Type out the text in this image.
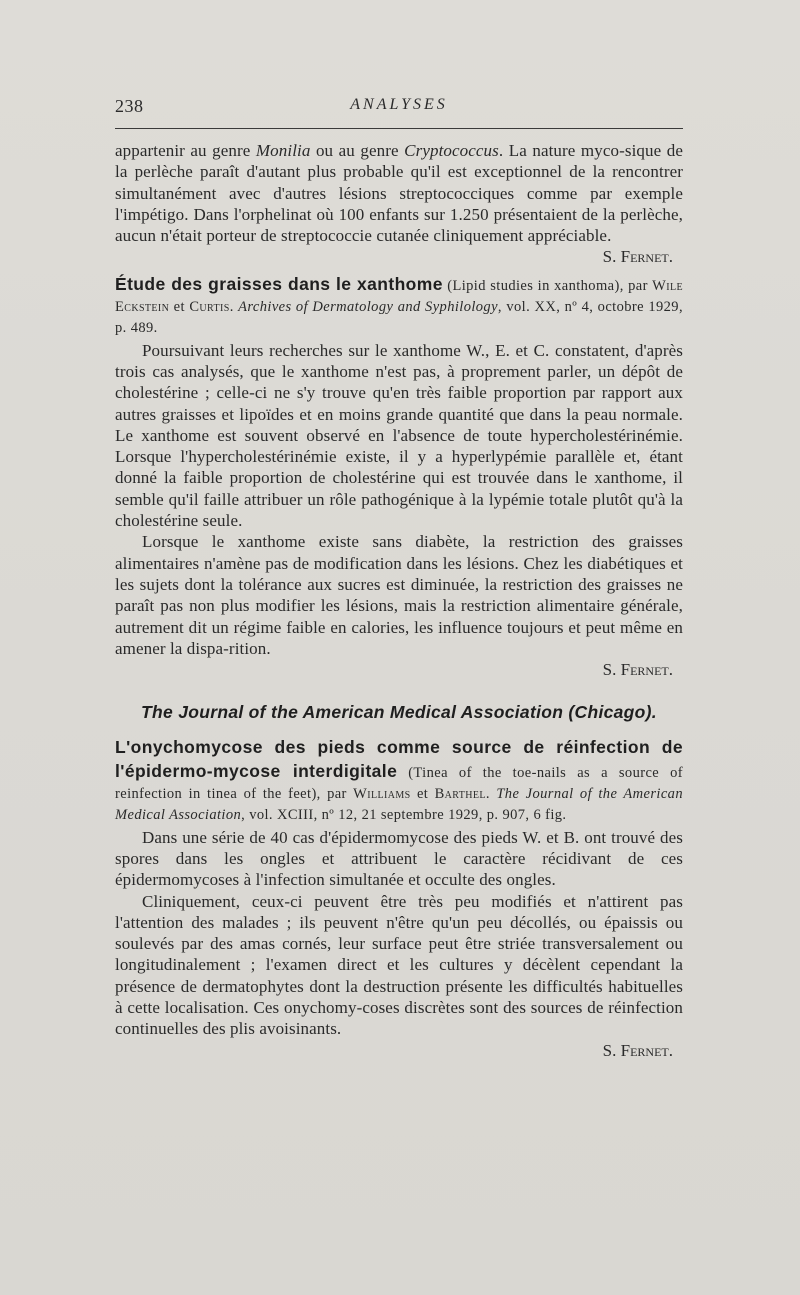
238	ANALYSES

appartenir au genre Monilia ou au genre Cryptococcus. La nature myco-sique de la perlèche paraît d'autant plus probable qu'il est exceptionnel de la rencontrer simultanément avec d'autres lésions streptococciques comme par exemple l'impétigo. Dans l'orphelinat où 100 enfants sur 1.250 présentaient de la perlèche, aucun n'était porteur de streptococcie cutanée cliniquement appréciable.

S. Fernet.

Étude des graisses dans le xanthome (Lipid studies in xanthoma), par Wile Eckstein et Curtis. Archives of Dermatology and Syphilology, vol. XX, nº 4, octobre 1929, p. 489.

Poursuivant leurs recherches sur le xanthome W., E. et C. constatent, d'après trois cas analysés, que le xanthome n'est pas, à proprement parler, un dépôt de cholestérine ; celle-ci ne s'y trouve qu'en très faible proportion par rapport aux autres graisses et lipoïdes et en moins grande quantité que dans la peau normale. Le xanthome est souvent observé en l'absence de toute hypercholestérinémie. Lorsque l'hypercholestérinémie existe, il y a hyperlypémie parallèle et, étant donné la faible proportion de cholestérine qui est trouvée dans le xanthome, il semble qu'il faille attribuer un rôle pathogénique à la lypémie totale plutôt qu'à la cholestérine seule.

Lorsque le xanthome existe sans diabète, la restriction des graisses alimentaires n'amène pas de modification dans les lésions. Chez les diabétiques et les sujets dont la tolérance aux sucres est diminuée, la restriction des graisses ne paraît pas non plus modifier les lésions, mais la restriction alimentaire générale, autrement dit un régime faible en calories, les influence toujours et peut même en amener la dispa-rition.

S. Fernet.
The Journal of the American Medical Association (Chicago).

L'onychomycose des pieds comme source de réinfection de l'épidermo-mycose interdigitale (Tinea of the toe-nails as a source of reinfection in tinea of the feet), par Williams et Barthel. The Journal of the American Medical Association, vol. XCIII, nº 12, 21 septembre 1929, p. 907, 6 fig.

Dans une série de 40 cas d'épidermomycose des pieds W. et B. ont trouvé des spores dans les ongles et attribuent le caractère récidivant de ces épidermomycoses à l'infection simultanée et occulte des ongles.

Cliniquement, ceux-ci peuvent être très peu modifiés et n'attirent pas l'attention des malades ; ils peuvent n'être qu'un peu décollés, ou épaissis ou soulevés par des amas cornés, leur surface peut être striée transversalement ou longitudinalement ; l'examen direct et les cultures y décèlent cependant la présence de dermatophytes dont la destruction présente les difficultés habituelles à cette localisation. Ces onychomy-coses discrètes sont des sources de réinfection continuelles des plis avoisinants.

S. Fernet.
